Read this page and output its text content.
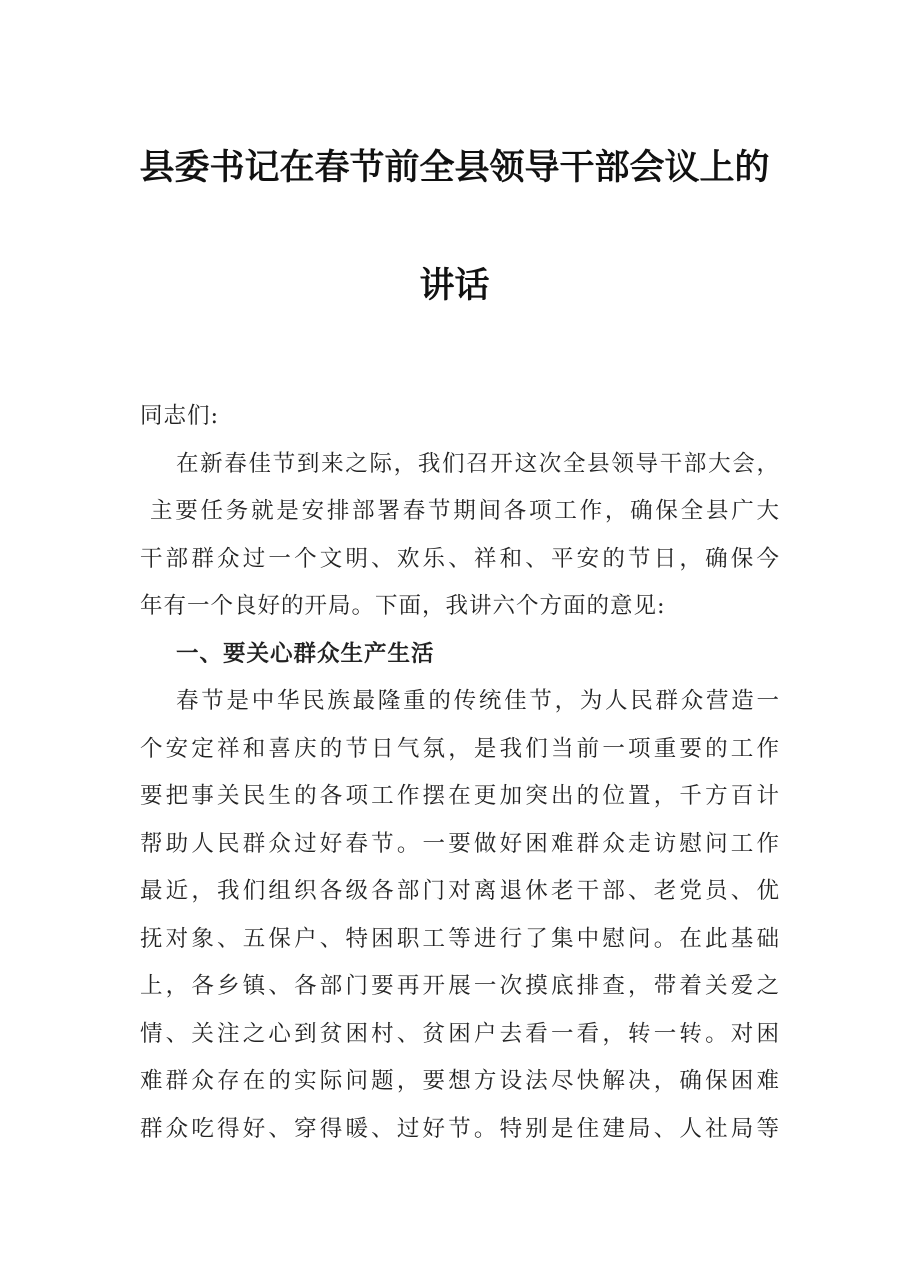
县委书记在春节前全县领导干部会议上的
讲话
同志们:
在新春佳节到来之际，我们召开这次全县领导干部大会，
主要任务就是安排部署春节期间各项工作，确保全县广大
干部群众过一个文明、欢乐、祥和、平安的节日，确保今
年有一个良好的开局。下面，我讲六个方面的意见:
一、要关心群众生产生活
春节是中华民族最隆重的传统佳节，为人民群众营造一
个安定祥和喜庆的节日气氛，是我们当前一项重要的工作
要把事关民生的各项工作摆在更加突出的位置，千方百计
帮助人民群众过好春节。一要做好困难群众走访慰问工作
最近，我们组织各级各部门对离退休老干部、老党员、优
抚对象、五保户、特困职工等进行了集中慰问。在此基础
上，各乡镇、各部门要再开展一次摸底排查，带着关爱之
情、关注之心到贫困村、贫困户去看一看，转一转。对困
难群众存在的实际问题，要想方设法尽快解决，确保困难
群众吃得好、穿得暖、过好节。特别是住建局、人社局等
